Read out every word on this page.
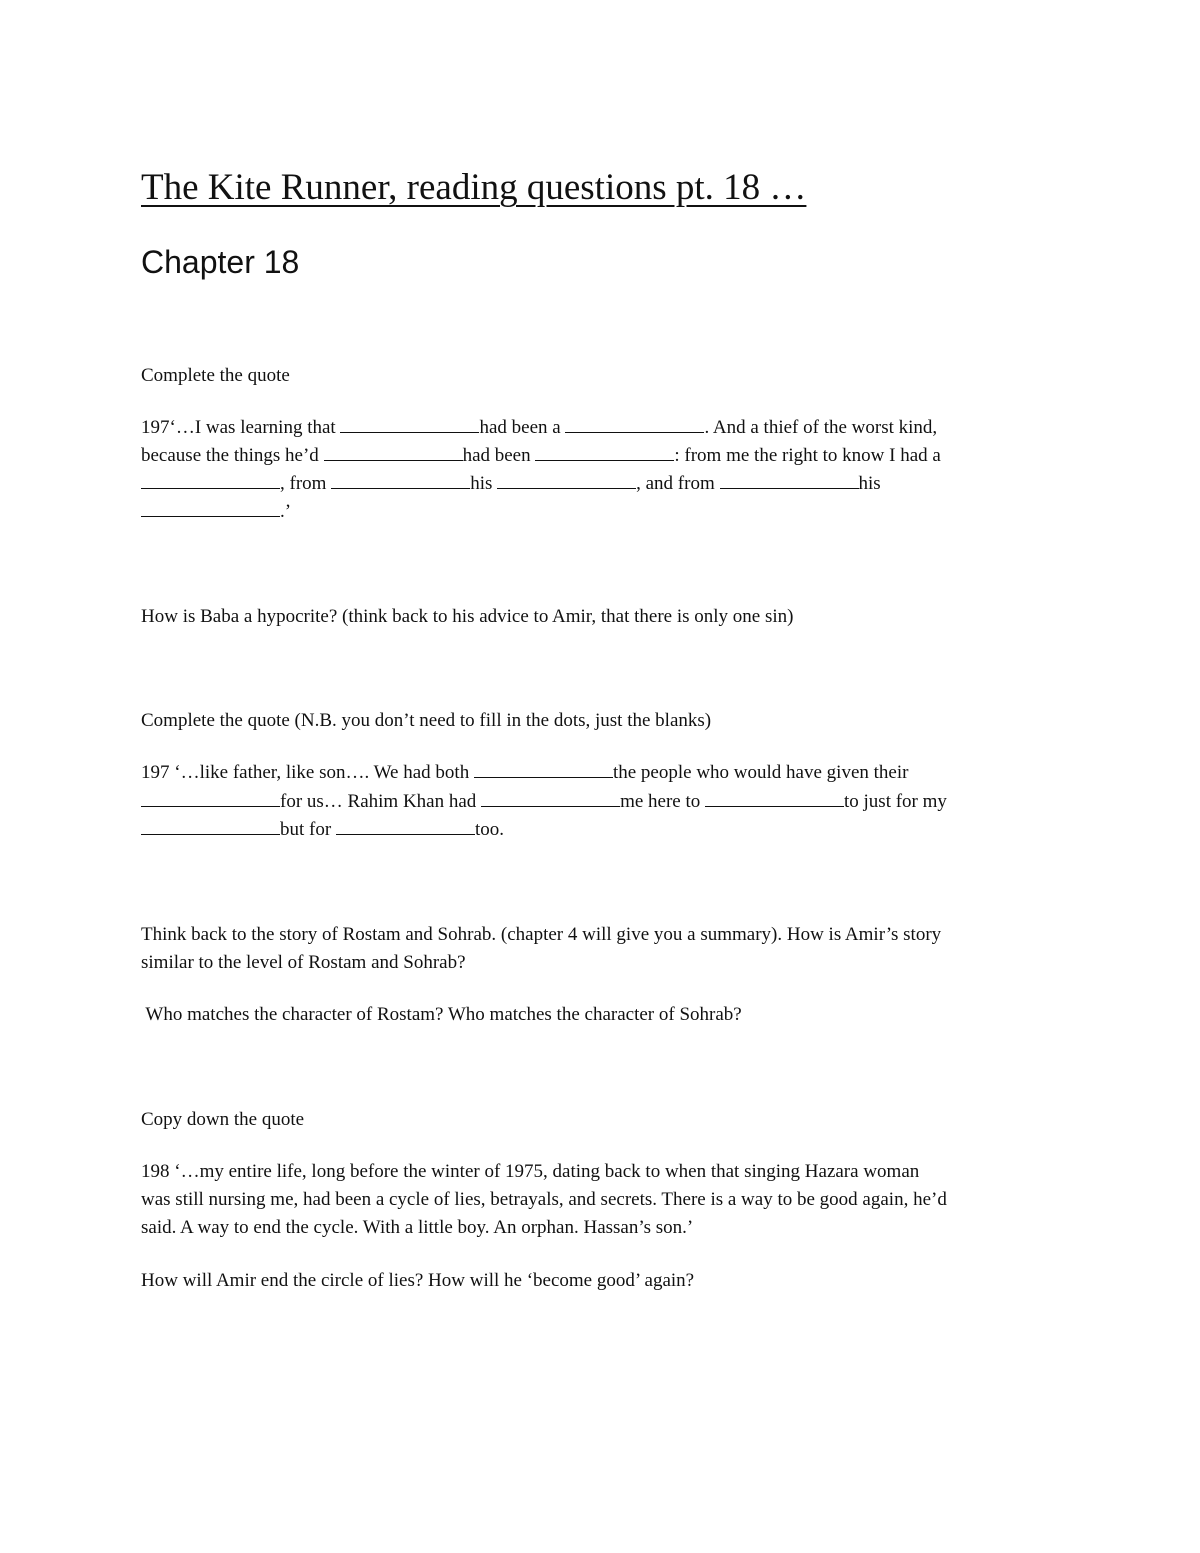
The Kite Runner, reading questions pt. 18 …
Chapter 18

Complete the quote

197‘…I was learning that	had been a	. And a thief of the worst kind,

because the things he’d	had been	: from me the right to know I had a

, from	his	, and from	his

.’

How is Baba a hypocrite? (think back to his advice to Amir, that there is only one sin)

Complete the quote (N.B. you don’t need to fill in the dots, just the blanks)

197 ‘…like father, like son…. We had both	the people who would have given their

for us… Rahim Khan had	me here to	to just for my

but for	too.

Think back to the story of Rostam and Sohrab. (chapter 4 will give you a summary). How is Amir’s story

similar to the level of Rostam and Sohrab?

Who matches the character of Rostam? Who matches the character of Sohrab?

Copy down the quote

198 ‘…my entire life, long before the winter of 1975, dating back to when that singing Hazara woman

was still nursing me, had been a cycle of lies, betrayals, and secrets. There is a way to be good again, he’d

said. A way to end the cycle. With a little boy. An orphan. Hassan’s son.’

How will Amir end the circle of lies? How will he ‘become good’ again?
